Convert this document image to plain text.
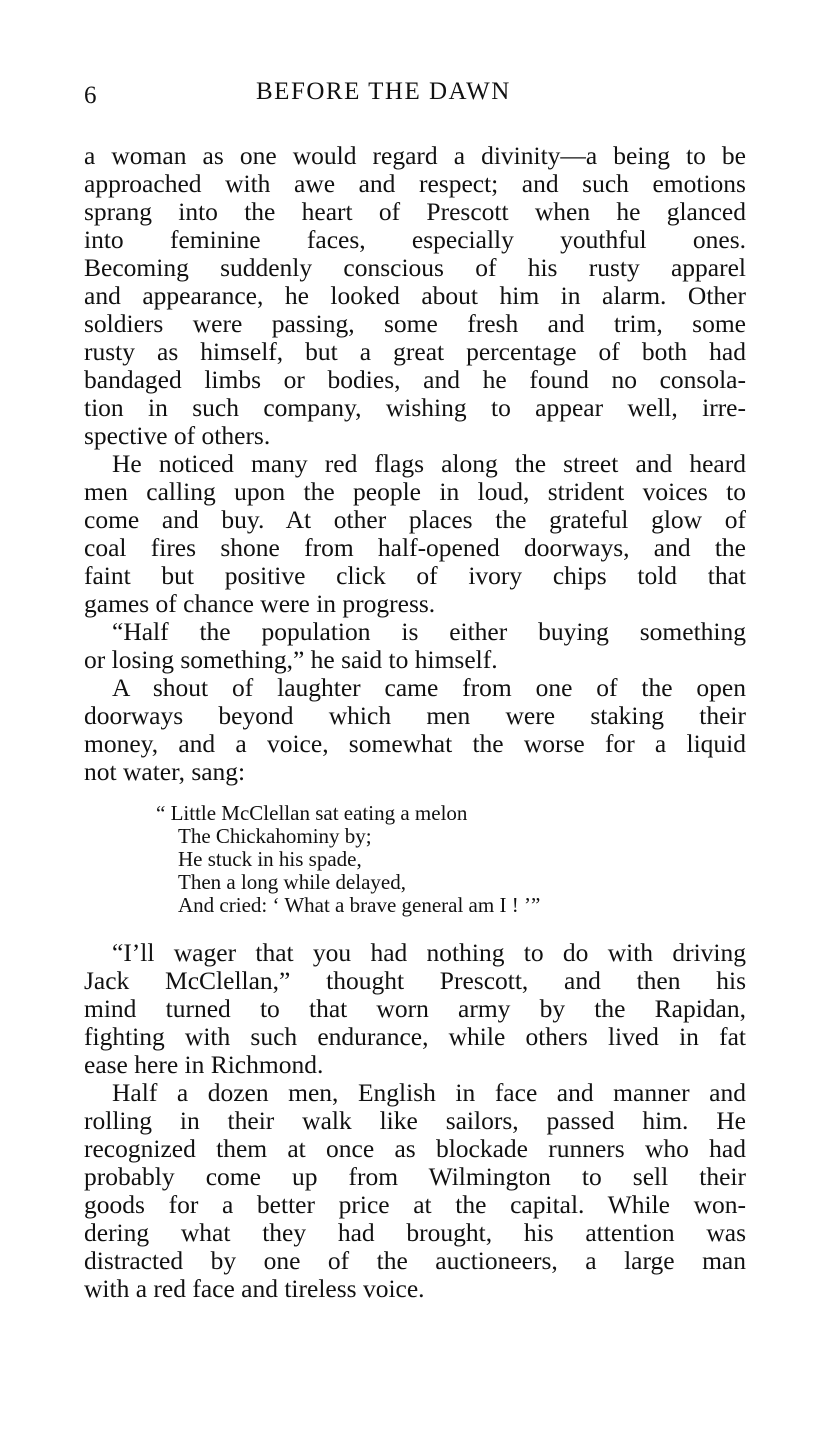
6	BEFORE THE DAWN
a woman as one would regard a divinity—a being to be
approached with awe and respect; and such emotions
sprang into the heart of Prescott when he glanced
into feminine faces, especially youthful ones.
Becoming suddenly conscious of his rusty apparel
and appearance, he looked about him in alarm. Other
soldiers were passing, some fresh and trim, some
rusty as himself, but a great percentage of both had
bandaged limbs or bodies, and he found no consola-
tion in such company, wishing to appear well, irre-
spective of others.
He noticed many red flags along the street and heard
men calling upon the people in loud, strident voices to
come and buy. At other places the grateful glow of
coal fires shone from half-opened doorways, and the
faint but positive click of ivory chips told that
games of chance were in progress.
“Half the population is either buying something
or losing something,” he said to himself.
A shout of laughter came from one of the open
doorways beyond which men were staking their
money, and a voice, somewhat the worse for a liquid
not water, sang:
“ Little McClellan sat eating a melon
The Chickahominy by;
He stuck in his spade,
Then a long while delayed,
And cried: ‘ What a brave general am I ! ’”
“I’ll wager that you had nothing to do with driving
Jack McClellan,” thought Prescott, and then his
mind turned to that worn army by the Rapidan,
fighting with such endurance, while others lived in fat
ease here in Richmond.
Half a dozen men, English in face and manner and
rolling in their walk like sailors, passed him. He
recognized them at once as blockade runners who had
probably come up from Wilmington to sell their
goods for a better price at the capital. While won-
dering what they had brought, his attention was
distracted by one of the auctioneers, a large man
with a red face and tireless voice.
